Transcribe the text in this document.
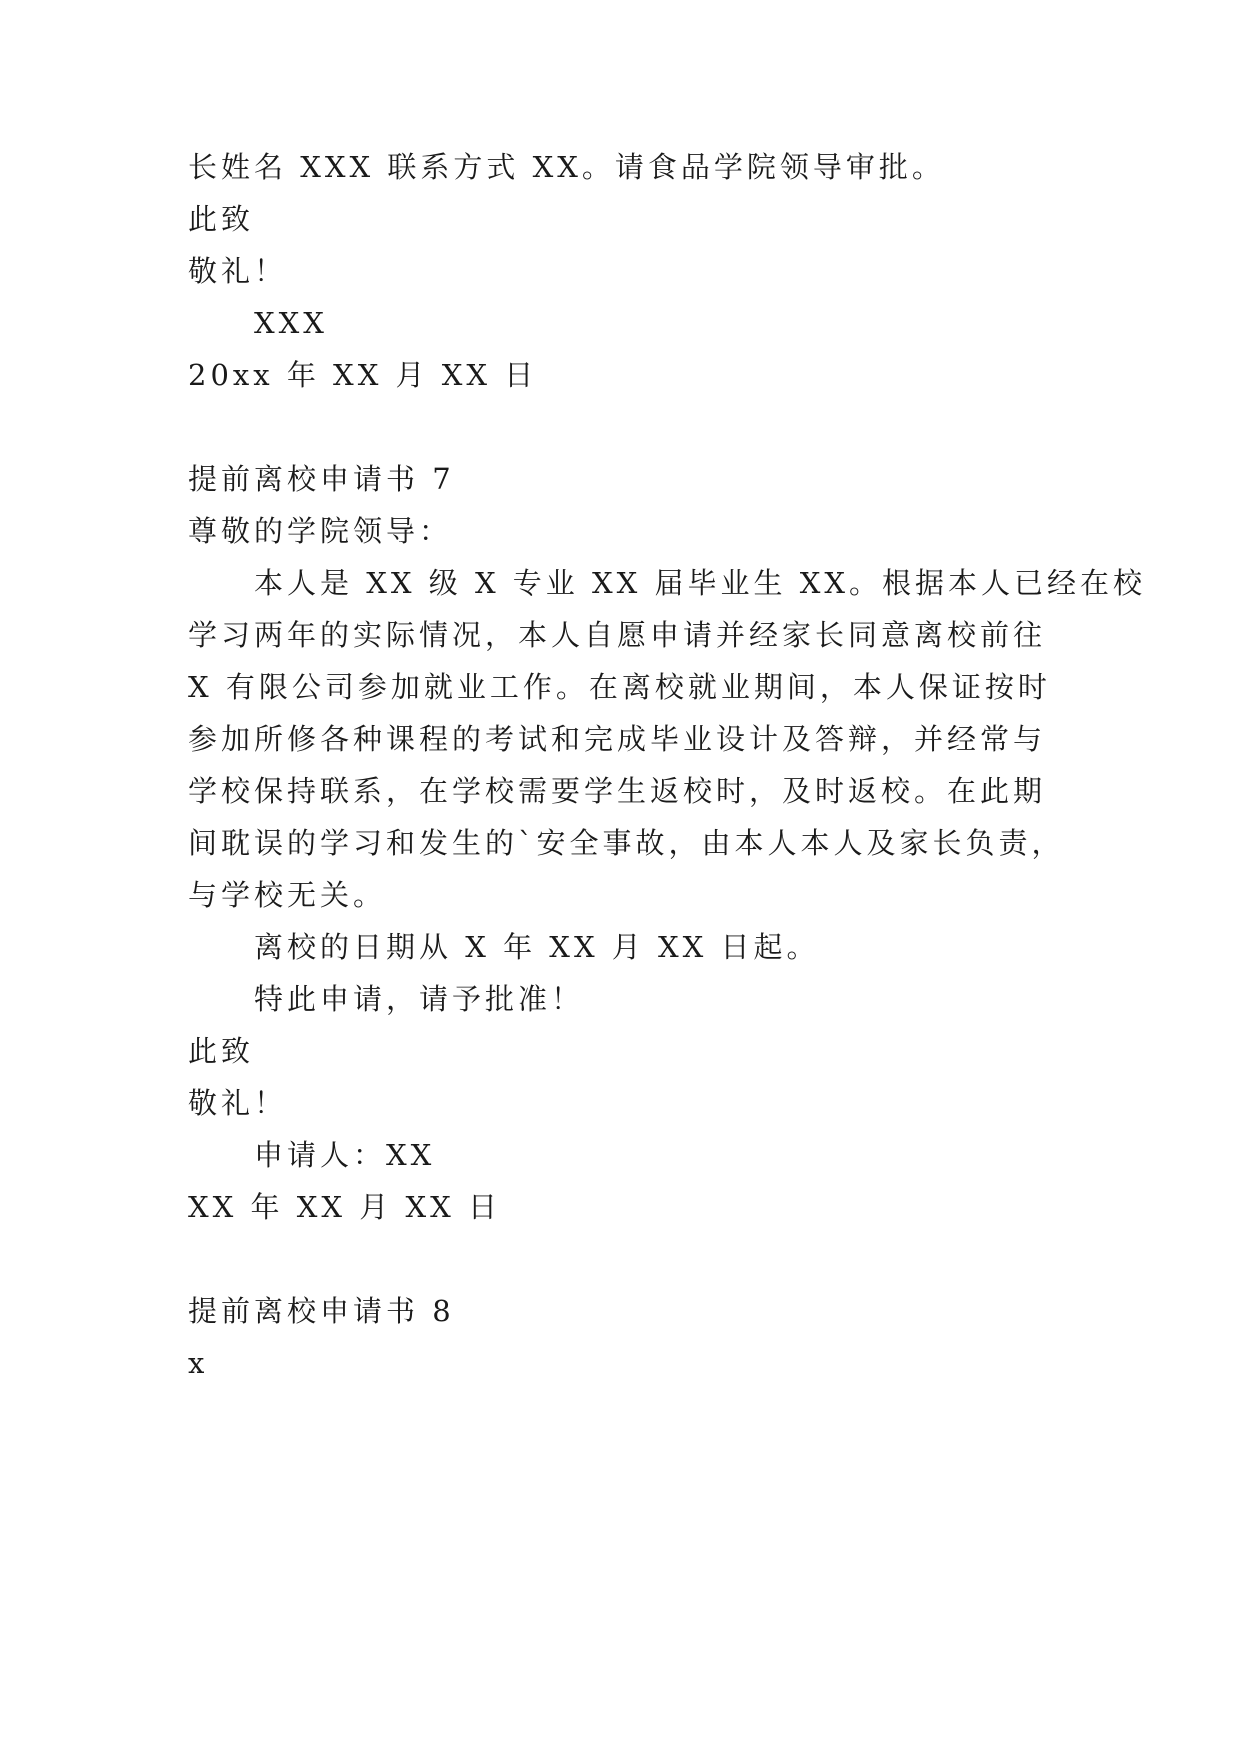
长姓名 XXX 联系方式 XX。请食品学院领导审批。
此致
敬礼！
XXX
20xx 年 XX 月 XX 日
提前离校申请书 7
尊敬的学院领导：
本人是 XX 级 X 专业 XX 届毕业生 XX。根据本人已经在校
学习两年的实际情况，本人自愿申请并经家长同意离校前往
X 有限公司参加就业工作。在离校就业期间，本人保证按时
参加所修各种课程的考试和完成毕业设计及答辩，并经常与
学校保持联系，在学校需要学生返校时，及时返校。在此期
间耽误的学习和发生的`安全事故，由本人本人及家长负责，
与学校无关。
离校的日期从 X 年 XX 月 XX 日起。
特此申请，请予批准！
此致
敬礼！
申请人：XX
XX 年 XX 月 XX 日
提前离校申请书 8
x
